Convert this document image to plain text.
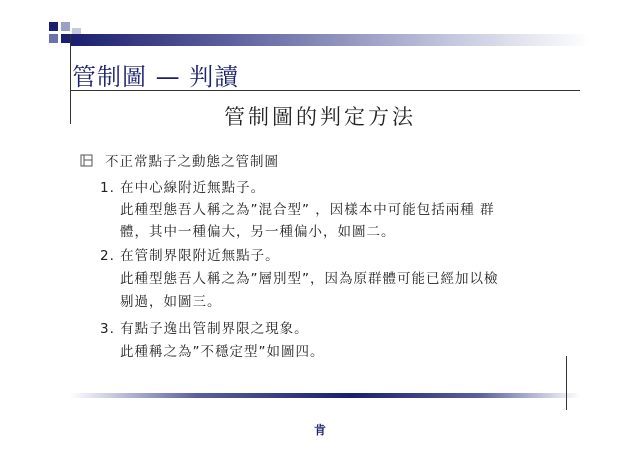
管制圖 — 判讀
管制圖的判定方法
不正常點子之動態之管制圖
1. 在中心線附近無點子。
此種型態吾人稱之為”混合型” ，因樣本中可能包括兩種 群
體，其中一種偏大，另一種偏小，如圖二。
2. 在管制界限附近無點子。
此種型態吾人稱之為”層別型”，因為原群體可能已經加以檢
剔過，如圖三。
3. 有點子逸出管制界限之現象。
此種稱之為”不穩定型”如圖四。
肯
